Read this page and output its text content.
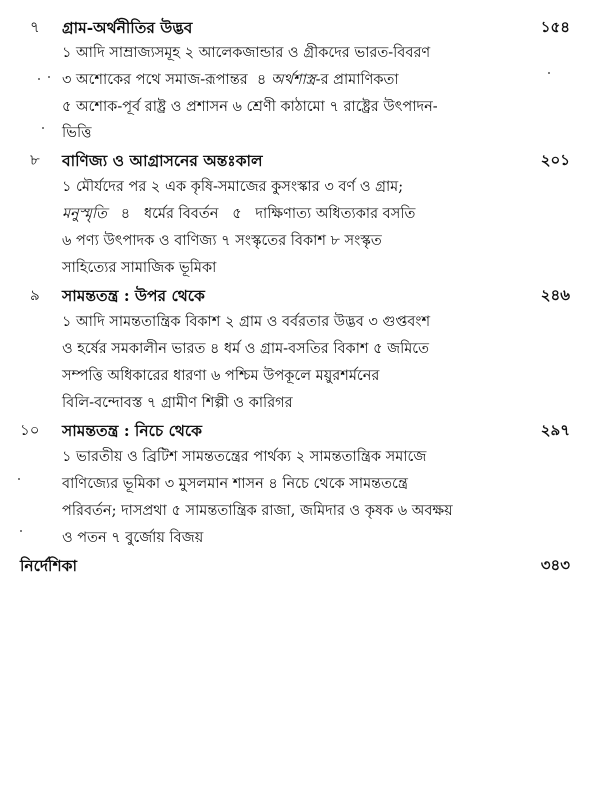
৭ গ্রাম-অর্থনীতির উদ্ভব	১৫৪
১ আদি সাম্রাজ্যসমূহ ২ আলেকজান্ডার ও গ্রীকদের ভারত-বিবরণ
৩ অশোকের পথে সমাজ-রূপান্তর  ৪ অর্থশাস্ত্র -র প্রামাণিকতা
৫ অশোক-পূর্ব রাষ্ট্র ও প্রশাসন ৬ শ্রেণী কাঠামো ৭ রাষ্ট্রের উৎপাদন-
ভিত্তি
৮ বাণিজ্য ও আগ্রাসনের অন্তঃকাল	২০১
১ মৌর্যদের পর ২ এক কৃষি-সমাজের কুসংস্কার ৩ বর্ণ ও গ্রাম;
মনুস্মৃতি ৪   ধর্মের বিবর্তন   ৫   দাক্ষিণাত্য অধিত্যকার বসতি
৬ পণ্য উৎপাদক ও বাণিজ্য ৭ সংস্কৃতের বিকাশ ৮ সংস্কৃত
সাহিত্যের সামাজিক ভূমিকা
৯ সামন্ততন্ত্র : উপর থেকে	২৪৬
১ আদি সামন্ততান্ত্রিক বিকাশ ২ গ্রাম ও বর্বরতার উদ্ভব ৩ গুপ্তবংশ
ও হর্ষের সমকালীন ভারত ৪ ধর্ম ও গ্রাম-বসতির বিকাশ ৫ জমিতে
সম্পত্তি অধিকারের ধারণা ৬ পশ্চিম উপকূলে ময়ুরশর্মনের
বিলি-বন্দোবস্ত ৭ গ্রামীণ শিল্পী ও কারিগর
১০ সামন্ততন্ত্র : নিচে থেকে	২৯৭
১ ভারতীয় ও ব্রিটিশ সামন্ততন্ত্রের পার্থক্য ২ সামন্ততান্ত্রিক সমাজে
বাণিজ্যের ভূমিকা ৩ মুসলমান শাসন ৪ নিচে থেকে সামন্ততন্ত্রে
পরিবর্তন; দাসপ্রথা ৫ সামন্ততান্ত্রিক রাজা, জমিদার ও কৃষক ৬ অবক্ষয়
ও পতন ৭ বুর্জোয় বিজয়
নির্দেশিকা	৩৪৩
